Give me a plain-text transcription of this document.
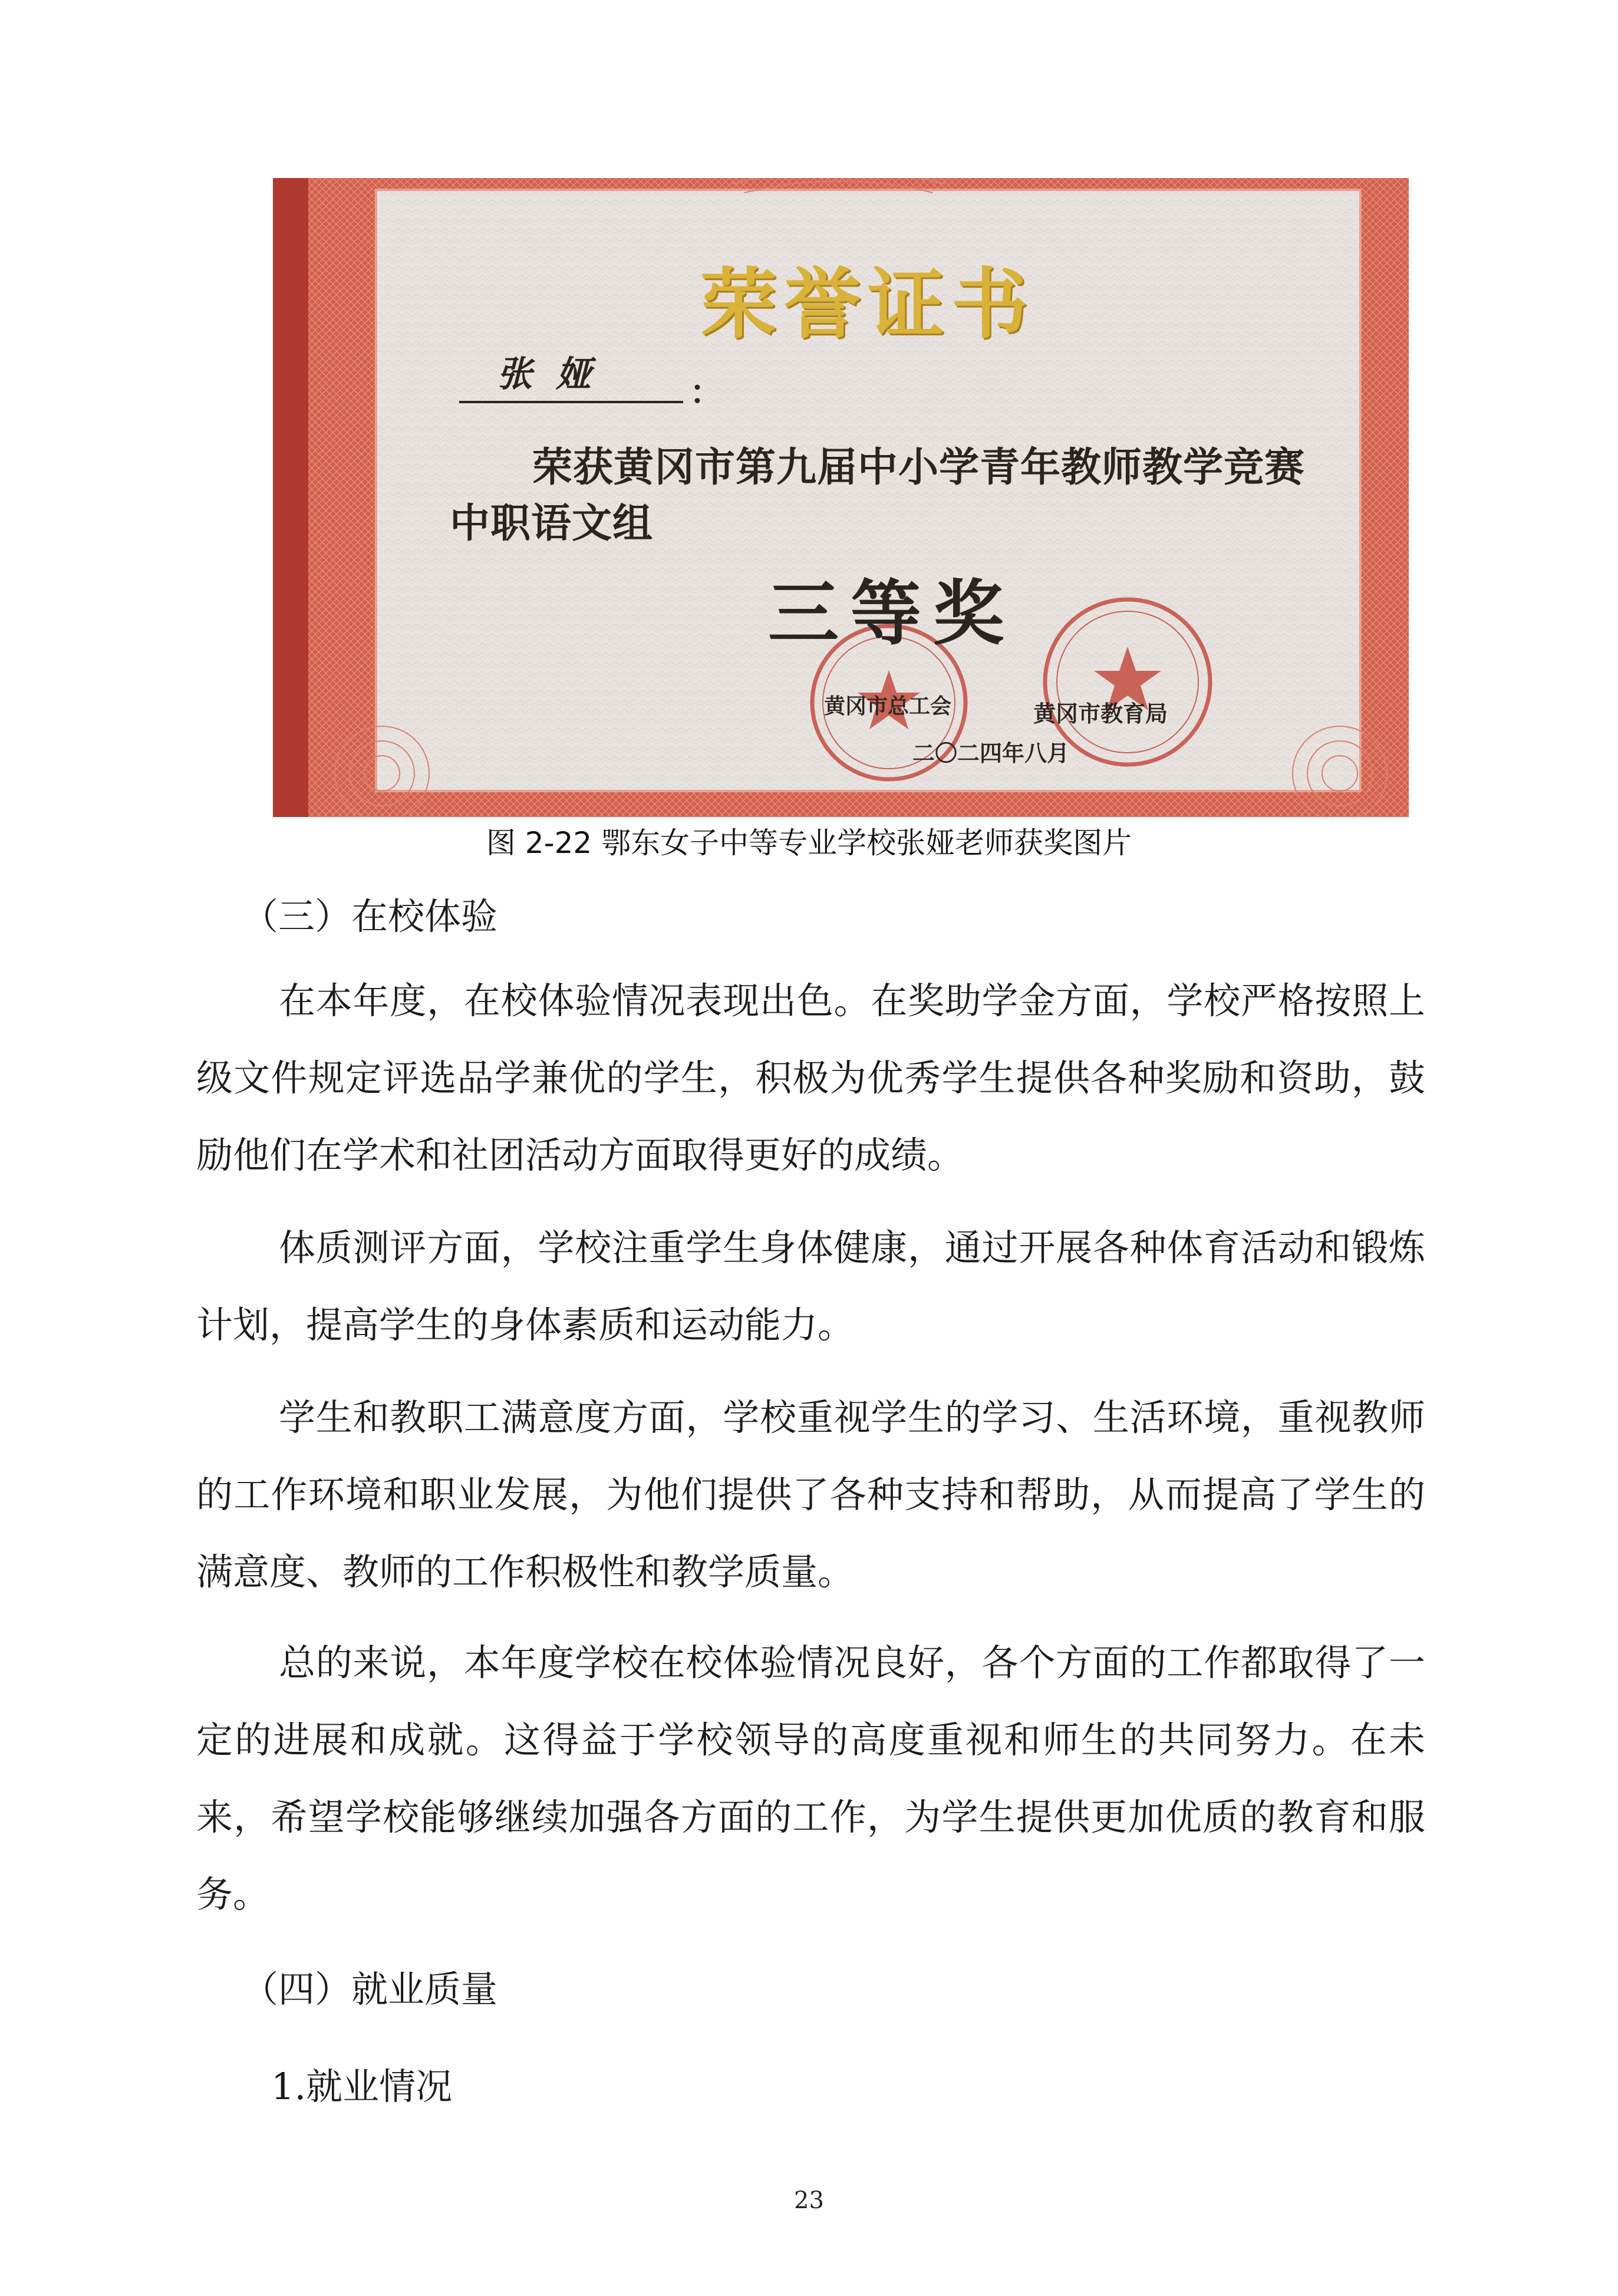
荣誉证书
张娅 ：
荣获黄冈市第九届中小学青年教师教学竞赛
中职语文组
三等奖
黄冈市总工会	黄冈市教育局
二〇二四年八月
图 2-22 鄂东女子中等专业学校张娅老师获奖图片
（三）在校体验

在本年度，在校体验情况表现出色。在奖助学金方面，学校严格按照上级文件规定评选品学兼优的学生，积极为优秀学生提供各种奖励和资助，鼓励他们在学术和社团活动方面取得更好的成绩。

体质测评方面，学校注重学生身体健康，通过开展各种体育活动和锻炼计划，提高学生的身体素质和运动能力。

学生和教职工满意度方面，学校重视学生的学习、生活环境，重视教师的工作环境和职业发展，为他们提供了各种支持和帮助，从而提高了学生的满意度、教师的工作积极性和教学质量。

总的来说，本年度学校在校体验情况良好，各个方面的工作都取得了一定的进展和成就。这得益于学校领导的高度重视和师生的共同努力。在未来，希望学校能够继续加强各方面的工作，为学生提供更加优质的教育和服务。

（四）就业质量
1.就业情况
23
